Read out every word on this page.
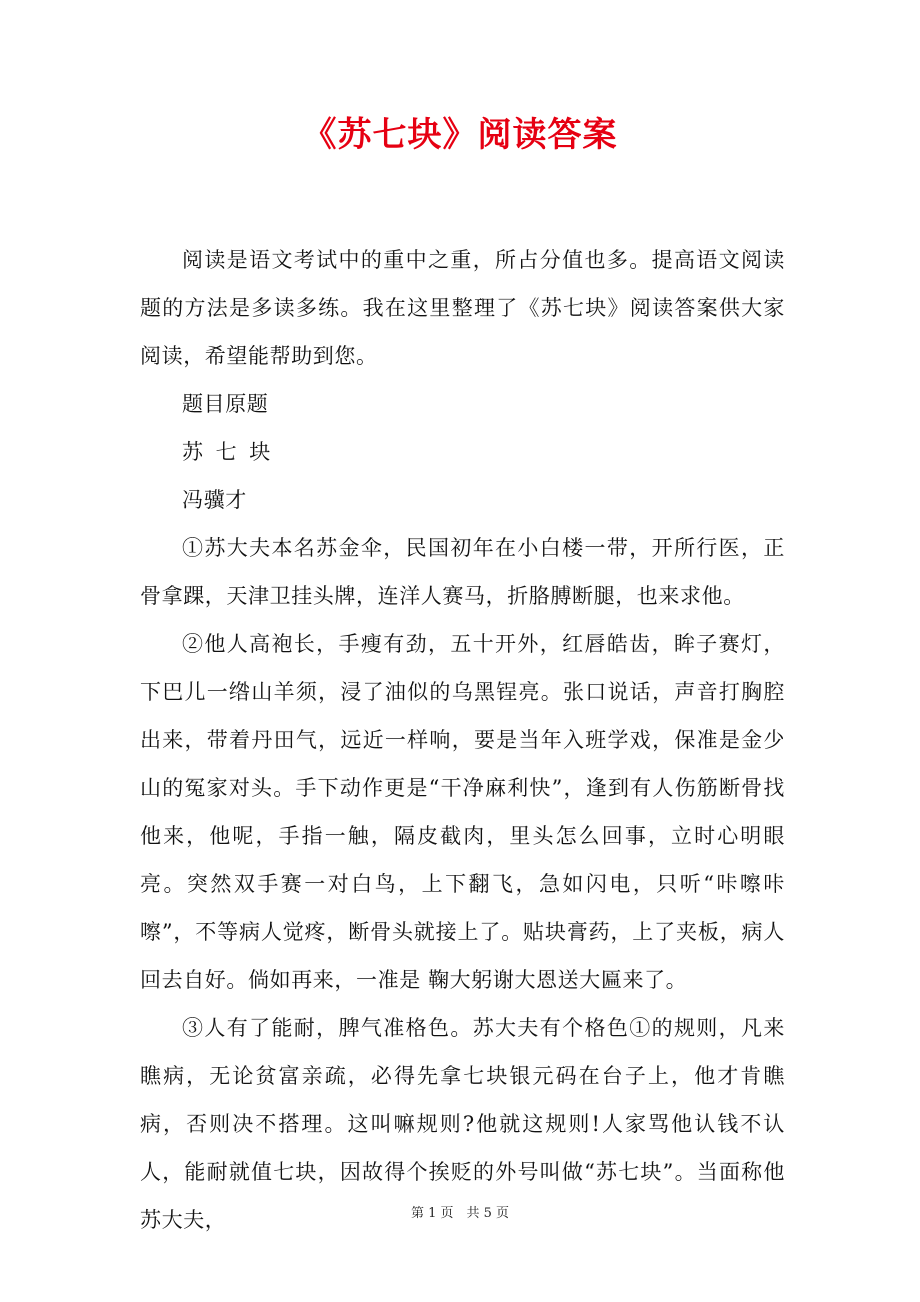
《苏七块》阅读答案

阅读是语文考试中的重中之重，所占分值也多。提高语文阅读题的方法是多读多练。我在这里整理了《苏七块》阅读答案供大家阅读，希望能帮助到您。

题目原题

苏七块

冯骥才

①苏大夫本名苏金伞，民国初年在小白楼一带，开所行医，正骨拿踝，天津卫挂头牌，连洋人赛马，折胳膊断腿，也来求他。

②他人高袍长，手瘦有劲，五十开外，红唇皓齿，眸子赛灯，下巴儿一绺山羊须，浸了油似的乌黑锃亮。张口说话，声音打胸腔出来，带着丹田气，远近一样响，要是当年入班学戏，保准是金少山的冤家对头。手下动作更是“干净麻利快”，逢到有人伤筋断骨找他来，他呢，手指一触，隔皮截肉，里头怎么回事，立时心明眼亮。突然双手赛一对白鸟，上下翻飞，急如闪电，只听“咔嚓咔嚓”，不等病人觉疼，断骨头就接上了。贴块膏药，上了夹板，病人回去自好。倘如再来，一准是 鞠大躬谢大恩送大匾来了。

③人有了能耐，脾气准格色。苏大夫有个格色①的规则，凡来瞧病，无论贫富亲疏，必得先拿七块银元码在台子上，他才肯瞧病，否则决不搭理。这叫嘛规则?他就这规则!人家骂他认钱不认人，能耐就值七块，因故得个挨贬的外号叫做“苏七块”。当面称他苏大夫，	第 1 页　共 5 页
